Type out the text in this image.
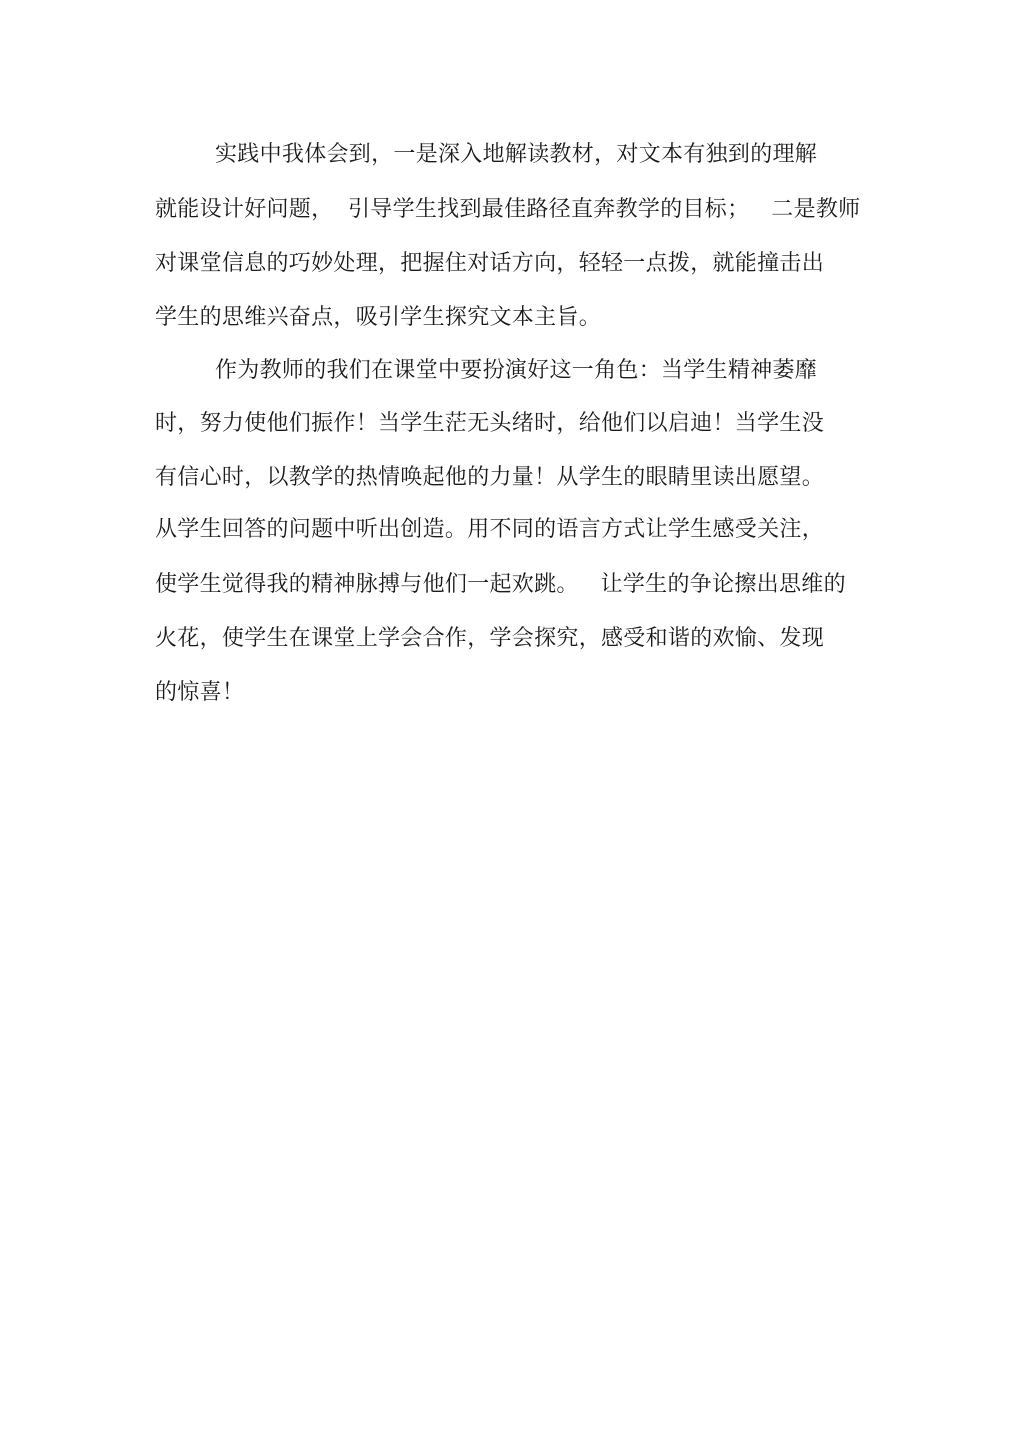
实践中我体会到，一是深入地解读教材，对文本有独到的理解
就能设计好问题，  引导学生找到最佳路径直奔教学的目标；   二是教师
对课堂信息的巧妙处理，把握住对话方向，轻轻一点拨，就能撞击出
学生的思维兴奋点，吸引学生探究文本主旨。
作为教师的我们在课堂中要扮演好这一角色：当学生精神萎靡
时，努力使他们振作！当学生茫无头绪时，给他们以启迪！当学生没
有信心时，以教学的热情唤起他的力量！从学生的眼睛里读出愿望。
从学生回答的问题中听出创造。用不同的语言方式让学生感受关注，
使学生觉得我的精神脉搏与他们一起欢跳。   让学生的争论擦出思维的
火花，使学生在课堂上学会合作，学会探究，感受和谐的欢愉、发现
的惊喜！
